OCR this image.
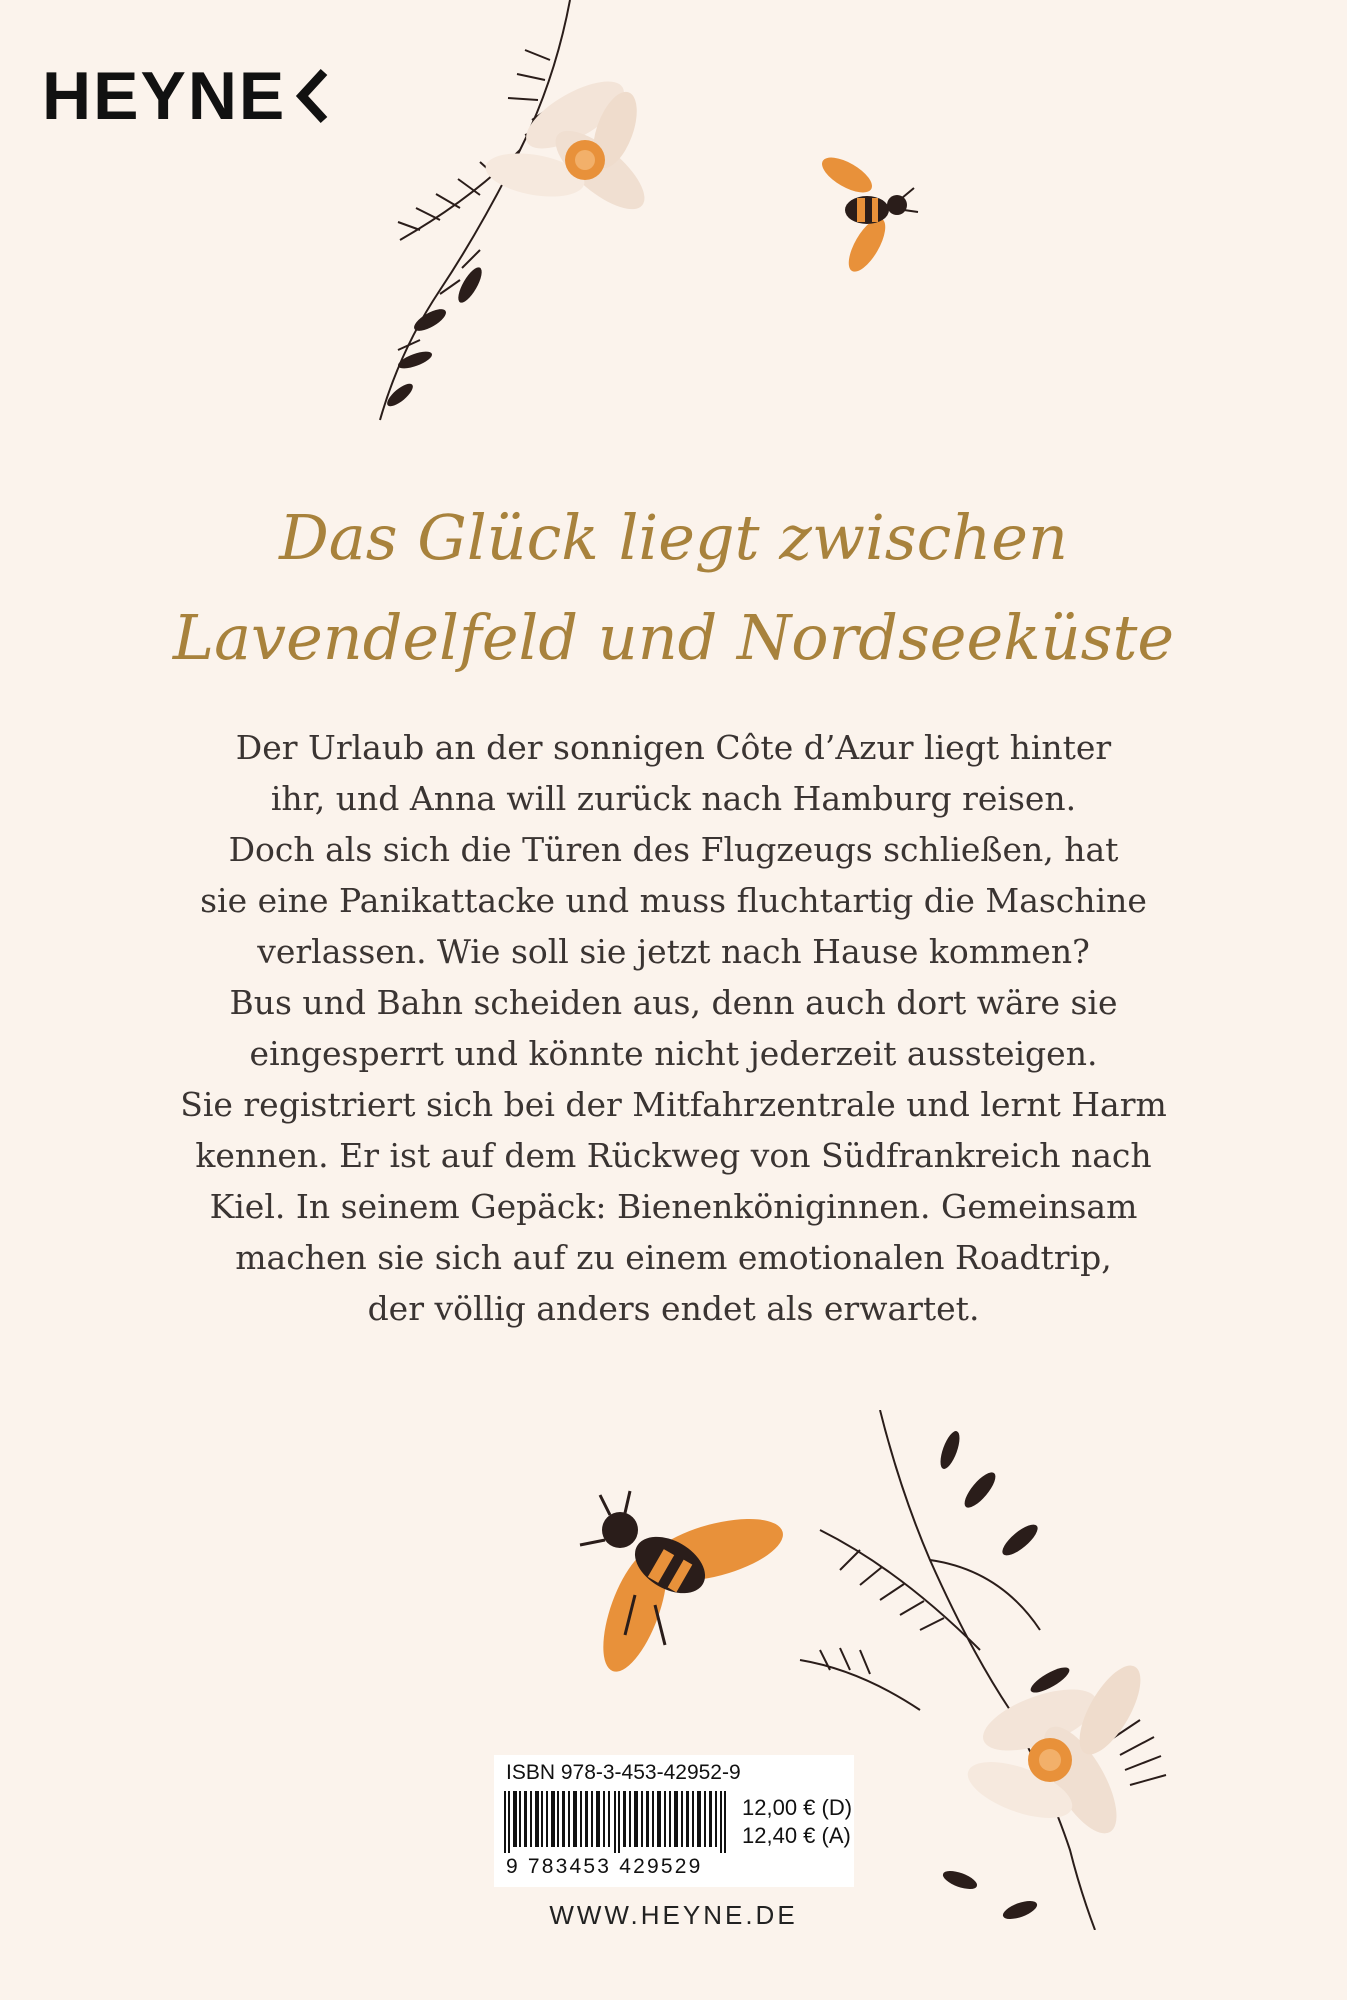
HEYNE
Das Glück liegt zwischen
Lavendelfeld und Nordseeküste
Der Urlaub an der sonnigen Côte d’Azur liegt hinter
ihr, und Anna will zurück nach Hamburg reisen.
Doch als sich die Türen des Flugzeugs schließen, hat
sie eine Panikattacke und muss fluchtartig die Maschine
verlassen. Wie soll sie jetzt nach Hause kommen?
Bus und Bahn scheiden aus, denn auch dort wäre sie
eingesperrt und könnte nicht jederzeit aussteigen.
Sie registriert sich bei der Mitfahrzentrale und lernt Harm
kennen. Er ist auf dem Rückweg von Südfrankreich nach
Kiel. In seinem Gepäck: Bienenköniginnen. Gemeinsam
machen sie sich auf zu einem emotionalen Roadtrip,
der völlig anders endet als erwartet.
ISBN 978-3-453-42952-9
9 783453 429529
12,00 € (D)
12,40 € (A)
WWW.HEYNE.DE
